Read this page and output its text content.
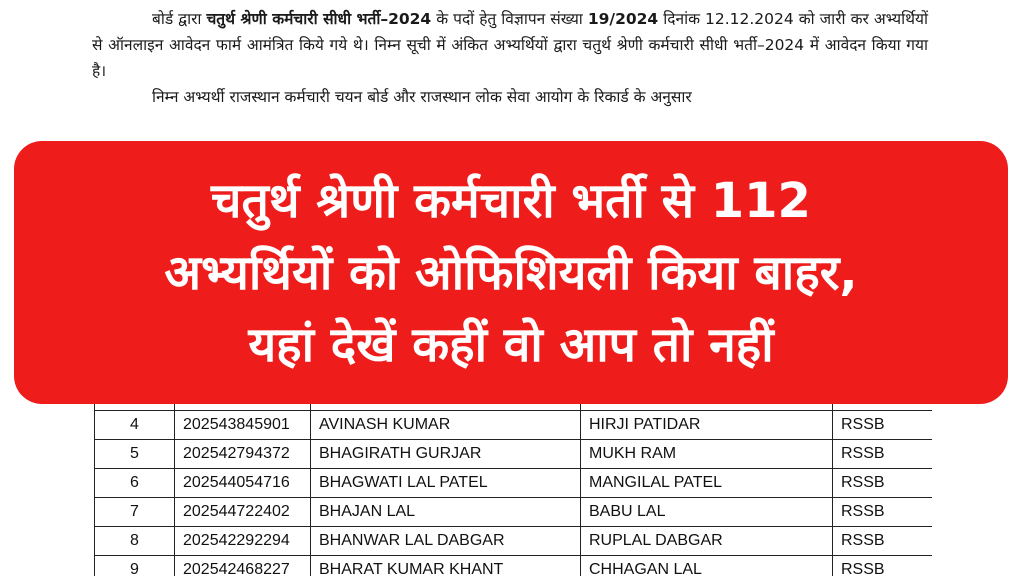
बोर्ड द्वारा चतुर्थ श्रेणी कर्मचारी सीधी भर्ती–2024 के पदों हेतु विज्ञापन संख्या 19/2024 दिनांक 12.12.2024 को जारी कर अभ्यर्थियों से ऑनलाइन आवेदन फार्म आमंत्रित किये गये थे। निम्न सूची में अंकित अभ्यर्थियों द्वारा चतुर्थ श्रेणी कर्मचारी सीधी भर्ती–2024 में आवेदन किया गया है।

निम्न अभ्यर्थी राजस्थान कर्मचारी चयन बोर्ड और राजस्थान लोक सेवा आयोग के रिकार्ड के अनुसार

4	202543845901	AVINASH KUMAR	HIRJI PATIDAR	RSSB
5	202542794372	BHAGIRATH GURJAR	MUKH RAM	RSSB
6	202544054716	BHAGWATI LAL PATEL	MANGILAL PATEL	RSSB
7	202544722402	BHAJAN LAL	BABU LAL	RSSB
8	202542292294	BHANWAR LAL DABGAR	RUPLAL DABGAR	RSSB
9	202542468227	BHARAT KUMAR KHANT	CHHAGAN LAL	RSSB
चतुर्थ श्रेणी कर्मचारी भर्ती से 112
अभ्यर्थियों को ओफिशियली किया बाहर,
यहां देखें कहीं वो आप तो नहीं
